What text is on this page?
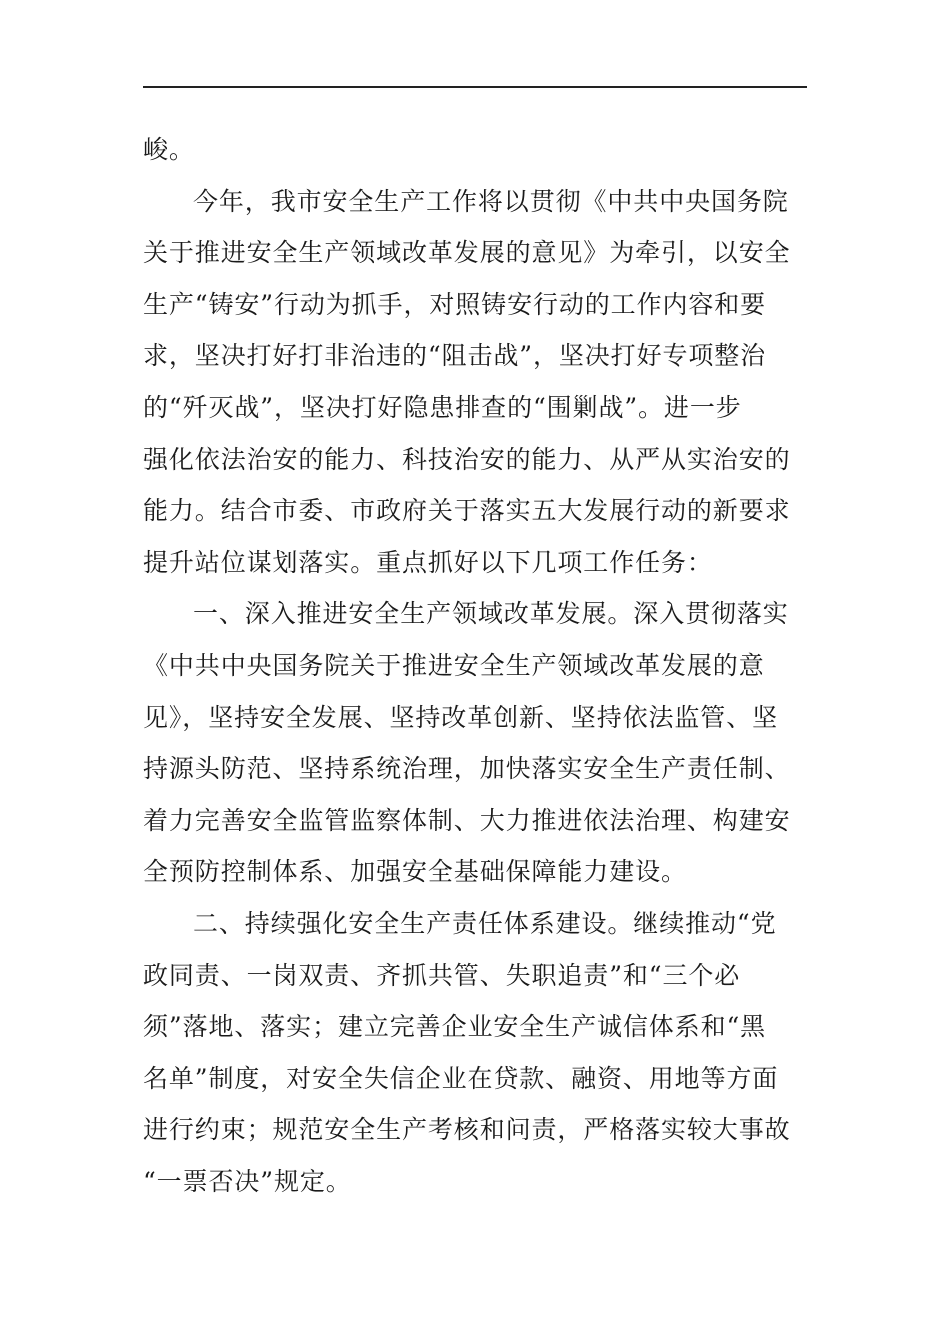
峻。
今年，我市安全生产工作将以贯彻《中共中央国务院
关于推进安全生产领域改革发展的意见》为牵引，以安全
生产“铸安”行动为抓手，对照铸安行动的工作内容和要
求，坚决打好打非治违的“阻击战”，坚决打好专项整治
的“歼灭战”，坚决打好隐患排查的“围剿战”。进一步
强化依法治安的能力、科技治安的能力、从严从实治安的
能力。结合市委、市政府关于落实五大发展行动的新要求
提升站位谋划落实。重点抓好以下几项工作任务：
一、深入推进安全生产领域改革发展。深入贯彻落实
《中共中央国务院关于推进安全生产领域改革发展的意
见》，坚持安全发展、坚持改革创新、坚持依法监管、坚
持源头防范、坚持系统治理，加快落实安全生产责任制、
着力完善安全监管监察体制、大力推进依法治理、构建安
全预防控制体系、加强安全基础保障能力建设。
二、持续强化安全生产责任体系建设。继续推动“党
政同责、一岗双责、齐抓共管、失职追责”和“三个必
须”落地、落实；建立完善企业安全生产诚信体系和“黑
名单”制度，对安全失信企业在贷款、融资、用地等方面
进行约束；规范安全生产考核和问责，严格落实较大事故
“一票否决”规定。
